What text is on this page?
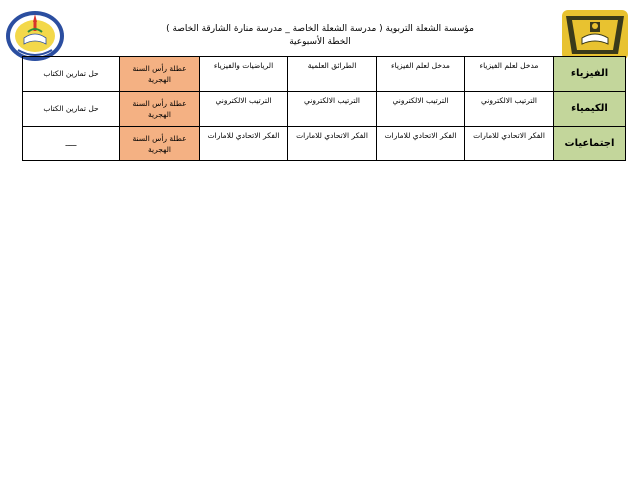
مؤسسة الشعلة التربوية ( مدرسة الشعلة الخاصة _ مدرسة منارة الشارقة الخاصة )
الخطة الأسبوعية
الفيزياء	مدخل لعلم الفيزياء	مدخل لعلم الفيزياء	الطرائق العلمية	الرياضيات والفيزياء	عطلة رأس السنة الهجرية	حل تمارين الكتاب
الكيمياء	الترتيب الالكتروني	الترتيب الالكتروني	الترتيب الالكتروني	الترتيب الالكتروني	عطلة رأس السنة الهجرية	حل تمارين الكتاب
اجتماعيات	الفكر الاتحادي للامارات	الفكر الاتحادي للامارات	الفكر الاتحادي للامارات	الفكر الاتحادي للامارات	عطلة رأس السنة الهجرية	ـــــ
